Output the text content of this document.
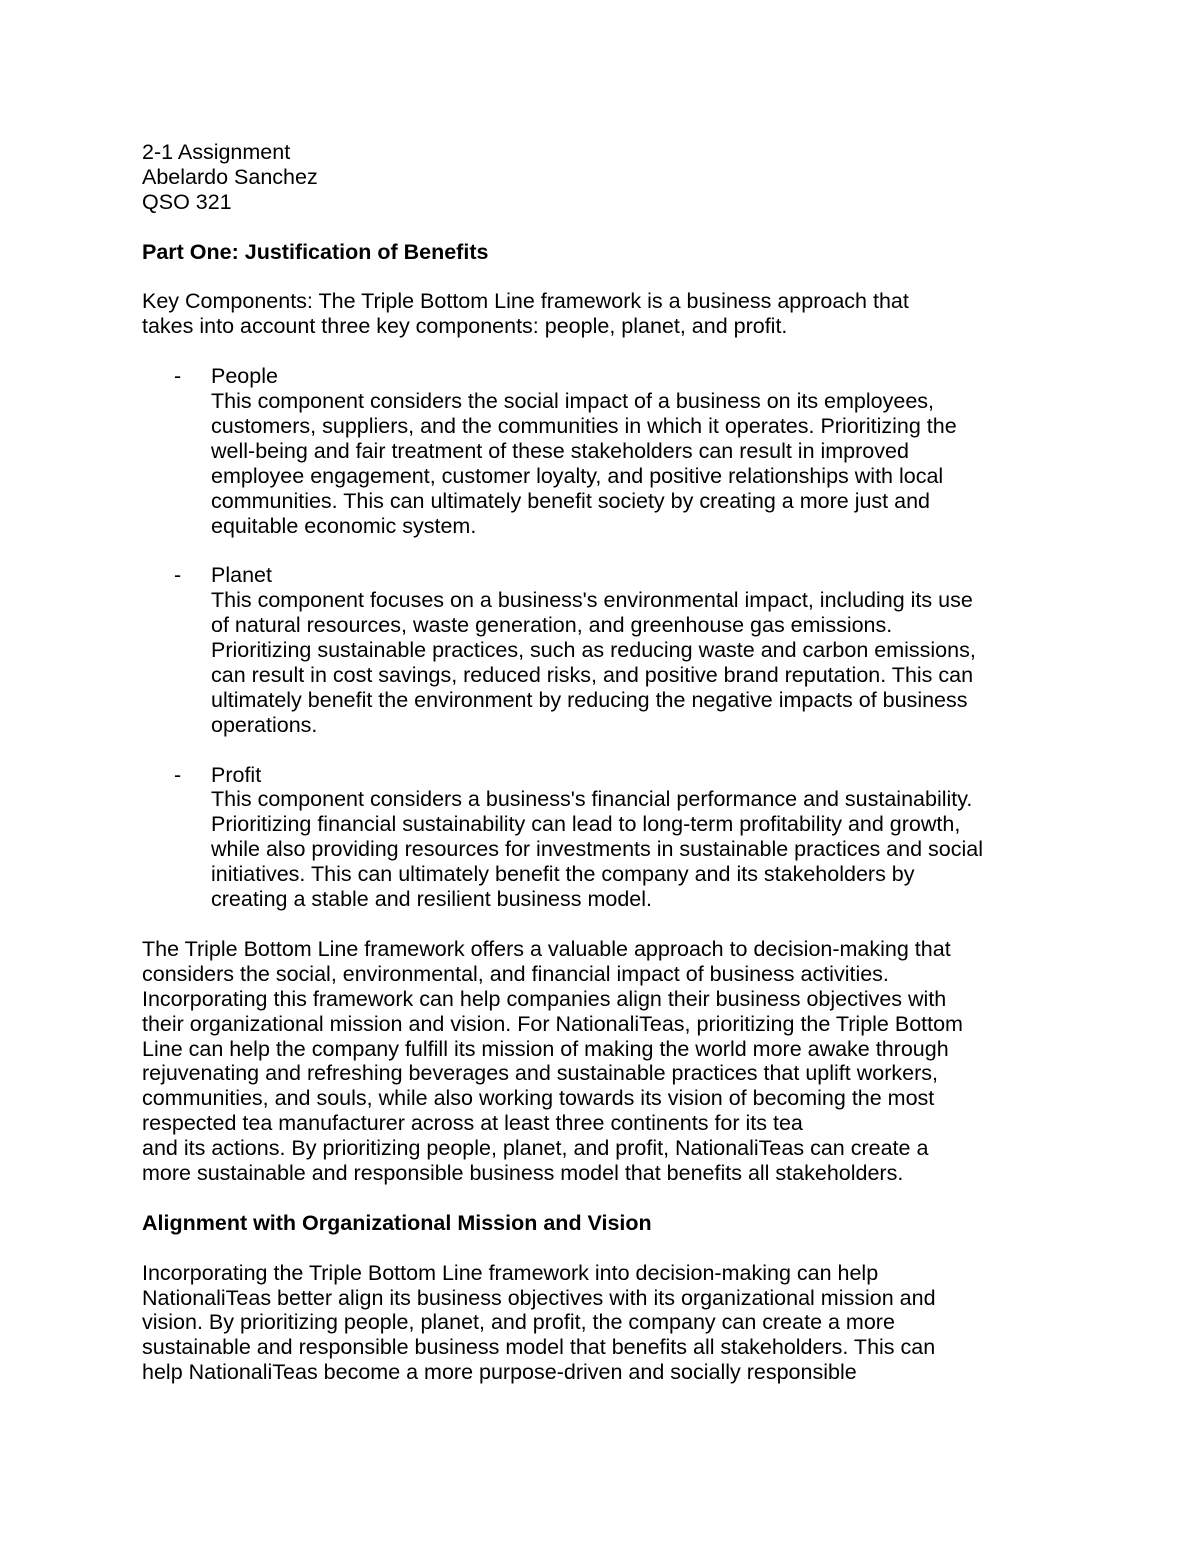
2-1 Assignment
Abelardo Sanchez
QSO 321
Part One: Justification of Benefits
Key Components: The Triple Bottom Line framework is a business approach that
takes into account three key components: people, planet, and profit.
- People
This component considers the social impact of a business on its employees,
customers, suppliers, and the communities in which it operates. Prioritizing the
well-being and fair treatment of these stakeholders can result in improved
employee engagement, customer loyalty, and positive relationships with local
communities. This can ultimately benefit society by creating a more just and
equitable economic system.
- Planet
This component focuses on a business's environmental impact, including its use
of natural resources, waste generation, and greenhouse gas emissions.
Prioritizing sustainable practices, such as reducing waste and carbon emissions,
can result in cost savings, reduced risks, and positive brand reputation. This can
ultimately benefit the environment by reducing the negative impacts of business
operations.
- Profit
This component considers a business's financial performance and sustainability.
Prioritizing financial sustainability can lead to long-term profitability and growth,
while also providing resources for investments in sustainable practices and social
initiatives. This can ultimately benefit the company and its stakeholders by
creating a stable and resilient business model.
The Triple Bottom Line framework offers a valuable approach to decision-making that
considers the social, environmental, and financial impact of business activities.
Incorporating this framework can help companies align their business objectives with
their organizational mission and vision. For NationaliTeas, prioritizing the Triple Bottom
Line can help the company fulfill its mission of making the world more awake through
rejuvenating and refreshing beverages and sustainable practices that uplift workers,
communities, and souls, while also working towards its vision of becoming the most
respected tea manufacturer across at least three continents for its tea
and its actions. By prioritizing people, planet, and profit, NationaliTeas can create a
more sustainable and responsible business model that benefits all stakeholders.
Alignment with Organizational Mission and Vision
Incorporating the Triple Bottom Line framework into decision-making can help
NationaliTeas better align its business objectives with its organizational mission and
vision. By prioritizing people, planet, and profit, the company can create a more
sustainable and responsible business model that benefits all stakeholders. This can
help NationaliTeas become a more purpose-driven and socially responsible
